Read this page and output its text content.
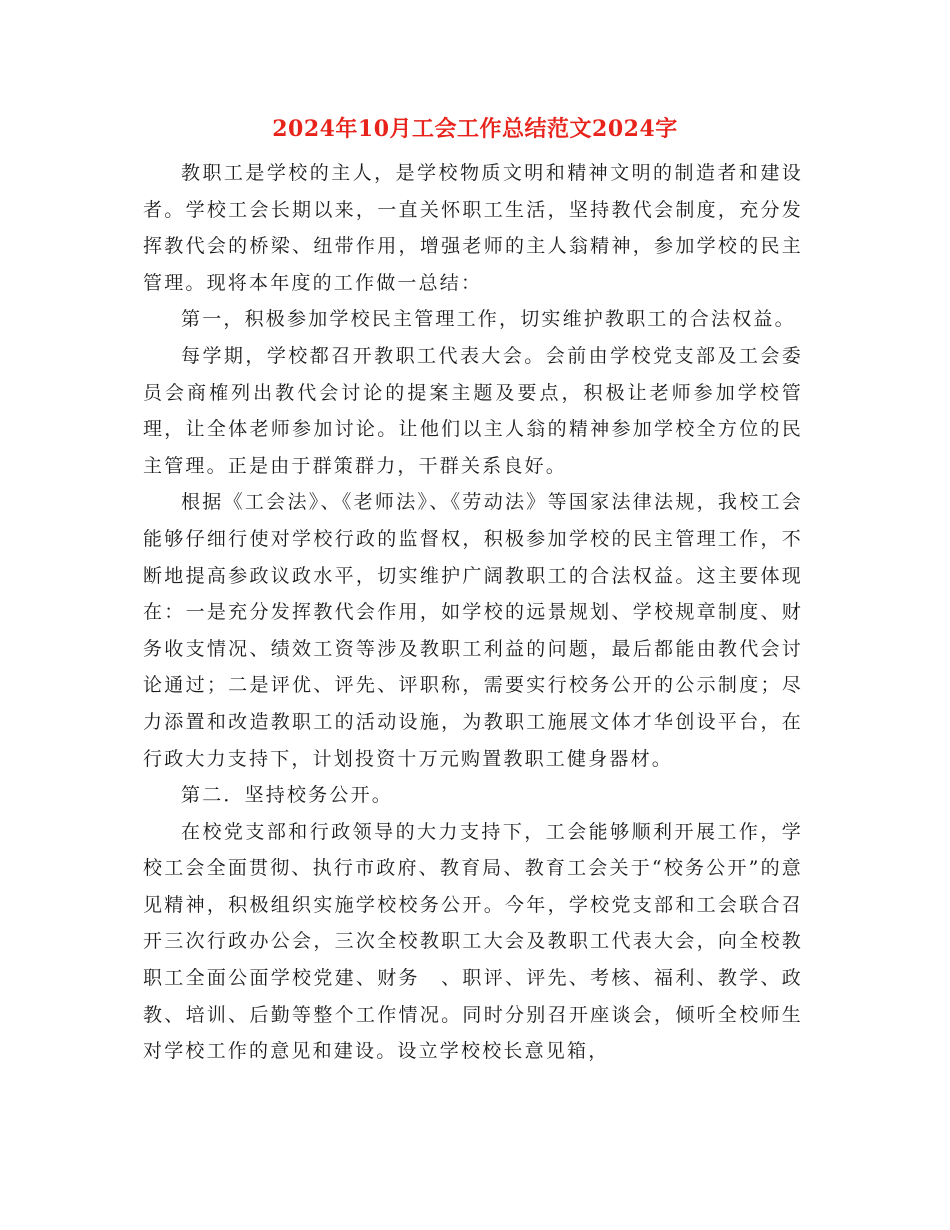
2024年10月工会工作总结范文2024字

教职工是学校的主人，是学校物质文明和精神文明的制造者和建设者。学校工会长期以来，一直关怀职工生活，坚持教代会制度，充分发挥教代会的桥梁、纽带作用，增强老师的主人翁精神，参加学校的民主管理。现将本年度的工作做一总结：

第一，积极参加学校民主管理工作，切实维护教职工的合法权益。

每学期，学校都召开教职工代表大会。会前由学校党支部及工会委员会商榷列出教代会讨论的提案主题及要点，积极让老师参加学校管理，让全体老师参加讨论。让他们以主人翁的精神参加学校全方位的民主管理。正是由于群策群力，干群关系良好。

根据《工会法》、《老师法》、《劳动法》等国家法律法规，我校工会能够仔细行使对学校行政的监督权，积极参加学校的民主管理工作，不断地提高参政议政水平，切实维护广阔教职工的合法权益。这主要体现在：一是充分发挥教代会作用，如学校的远景规划、学校规章制度、财务收支情况、绩效工资等涉及教职工利益的问题，最后都能由教代会讨论通过；二是评优、评先、评职称，需要实行校务公开的公示制度；尽力添置和改造教职工的活动设施，为教职工施展文体才华创设平台，在行政大力支持下，计划投资十万元购置教职工健身器材。

第二．坚持校务公开。

在校党支部和行政领导的大力支持下，工会能够顺利开展工作，学校工会全面贯彻、执行市政府、教育局、教育工会关于“校务公开”的意见精神，积极组织实施学校校务公开。今年，学校党支部和工会联合召开三次行政办公会，三次全校教职工大会及教职工代表大会，向全校教职工全面公面学校党建、财务　、职评、评先、考核、福利、教学、政教、培训、后勤等整个工作情况。同时分别召开座谈会，倾听全校师生对学校工作的意见和建设。设立学校校长意见箱，
